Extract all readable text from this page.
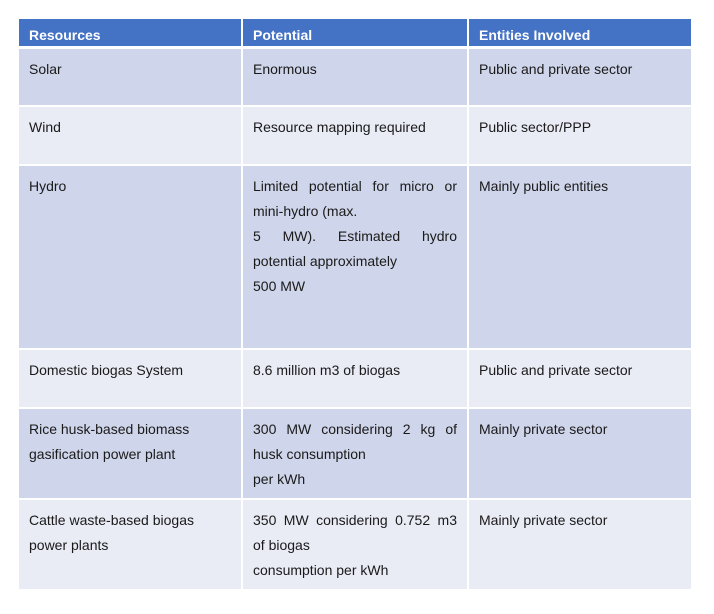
Resources	Potential	Entities Involved
Solar	Enormous	Public and private sector

Wind	Resource mapping required	Public sector/PPP

Hydro	Limited potential for micro or
mini-hydro (max.
5 MW). Estimated hydro
potential approximately
500 MW	Mainly public entities

Domestic biogas System	8.6 million m3 of biogas	Public and private sector

Rice husk-based biomass
gasification power plant	300 MW considering 2 kg of
husk consumption
per kWh	Mainly private sector

Cattle waste-based biogas
power plants	350 MW considering 0.752 m3
of biogas
consumption per kWh	Mainly private sector
